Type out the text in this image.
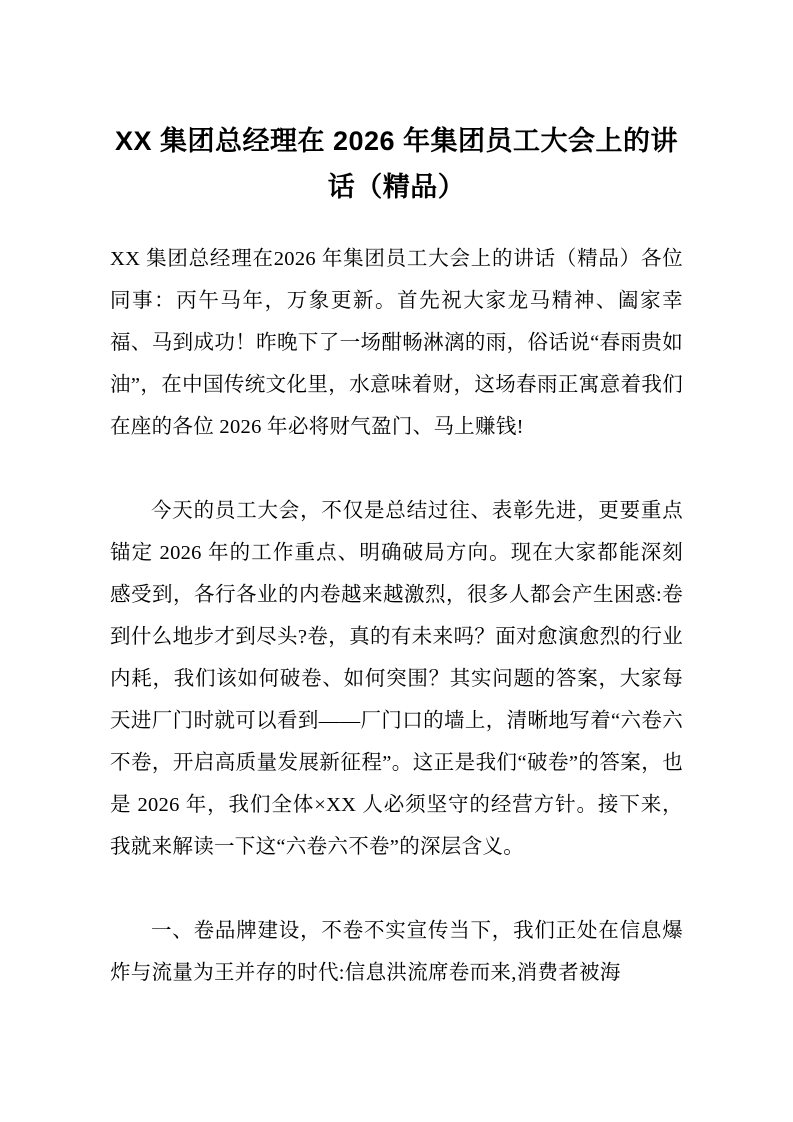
XX 集团总经理在 2026 年集团员工大会上的讲话（精品）

XX 集团总经理在2026 年集团员工大会上的讲话（精品）各位同事：丙午马年，万象更新。首先祝大家龙马精神、阖家幸福、马到成功！昨晚下了一场酣畅淋漓的雨，俗话说“春雨贵如油”，在中国传统文化里，水意味着财，这场春雨正寓意着我们在座的各位 2026 年必将财气盈门、马上赚钱!

今天的员工大会，不仅是总结过往、表彰先进，更要重点锚定 2026 年的工作重点、明确破局方向。现在大家都能深刻感受到，各行各业的内卷越来越激烈，很多人都会产生困惑:卷到什么地步才到尽头?卷，真的有未来吗？面对愈演愈烈的行业内耗，我们该如何破卷、如何突围？其实问题的答案，大家每天进厂门时就可以看到——厂门口的墙上，清晰地写着“六卷六不卷，开启高质量发展新征程”。这正是我们“破卷”的答案，也是 2026 年，我们全体×XX 人必须坚守的经营方针。接下来，我就来解读一下这“六卷六不卷”的深层含义。

一、卷品牌建设，不卷不实宣传当下，我们正处在信息爆炸与流量为王并存的时代:信息洪流席卷而来,消费者被海
